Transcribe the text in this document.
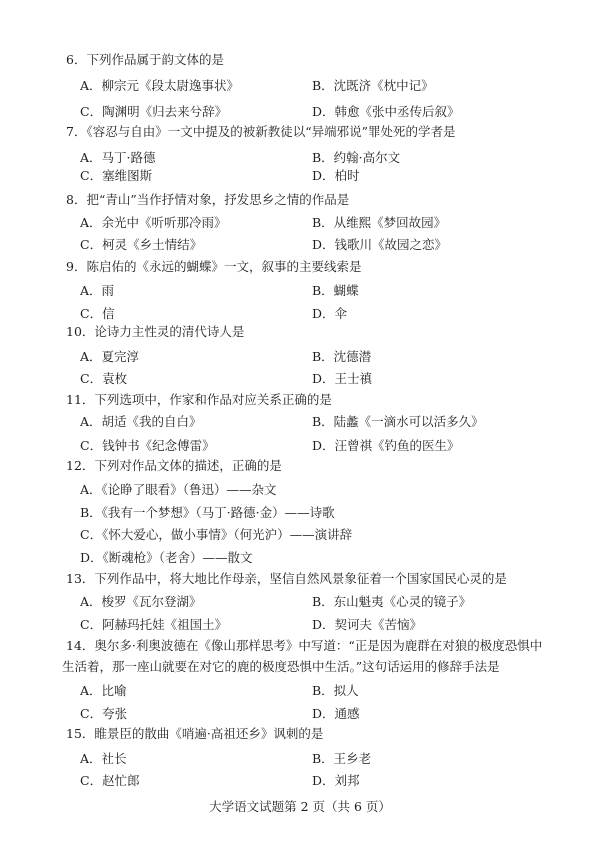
6．下列作品属于韵文体的是
A．柳宗元《段太尉逸事状》	B．沈既济《枕中记》
C．陶渊明《归去来兮辞》	D．韩愈《张中丞传后叙》
7．《容忍与自由》一文中提及的被新教徒以“异端邪说”罪处死的学者是
A．马丁·路德	B．约翰·高尔文
C．塞维图斯	D．柏时
8．把“青山”当作抒情对象，抒发思乡之情的作品是
A．余光中《听听那冷雨》	B．从维熙《梦回故园》
C．柯灵《乡土情结》	D．钱歌川《故园之恋》
9．陈启佑的《永远的蝴蝶》一文，叙事的主要线索是
A．雨	B．蝴蝶
C．信	D．伞
10．论诗力主性灵的清代诗人是
A．夏完淳	B．沈德潜
C．袁枚	D．王士禛
11．下列选项中，作家和作品对应关系正确的是
A．胡适《我的自白》	B．陆蠡《一滴水可以活多久》
C．钱钟书《纪念傅雷》	D．汪曾祺《钓鱼的医生》
12．下列对作品文体的描述，正确的是
A．《论睁了眼看》（鲁迅）——杂文
B．《我有一个梦想》（马丁·路德·金）——诗歌
C．《怀大爱心，做小事情》（何光沪）——演讲辞
D．《断魂枪》（老舍）——散文
13．下列作品中，将大地比作母亲，坚信自然风景象征着一个国家国民心灵的是
A．梭罗《瓦尔登湖》	B．东山魁夷《心灵的镜子》
C．阿赫玛托娃《祖国土》	D．契诃夫《苦恼》
14．奥尔多·利奥波德在《像山那样思考》中写道：“正是因为鹿群在对狼的极度恐惧中
生活着，那一座山就要在对它的鹿的极度恐惧中生活。”这句话运用的修辞手法是
A．比喻	B．拟人
C．夸张	D．通感
15．睢景臣的散曲《哨遍·高祖还乡》讽刺的是
A．社长	B．王乡老
C．赵忙郎	D．刘邦
大学语文试题第 2 页（共 6 页）
